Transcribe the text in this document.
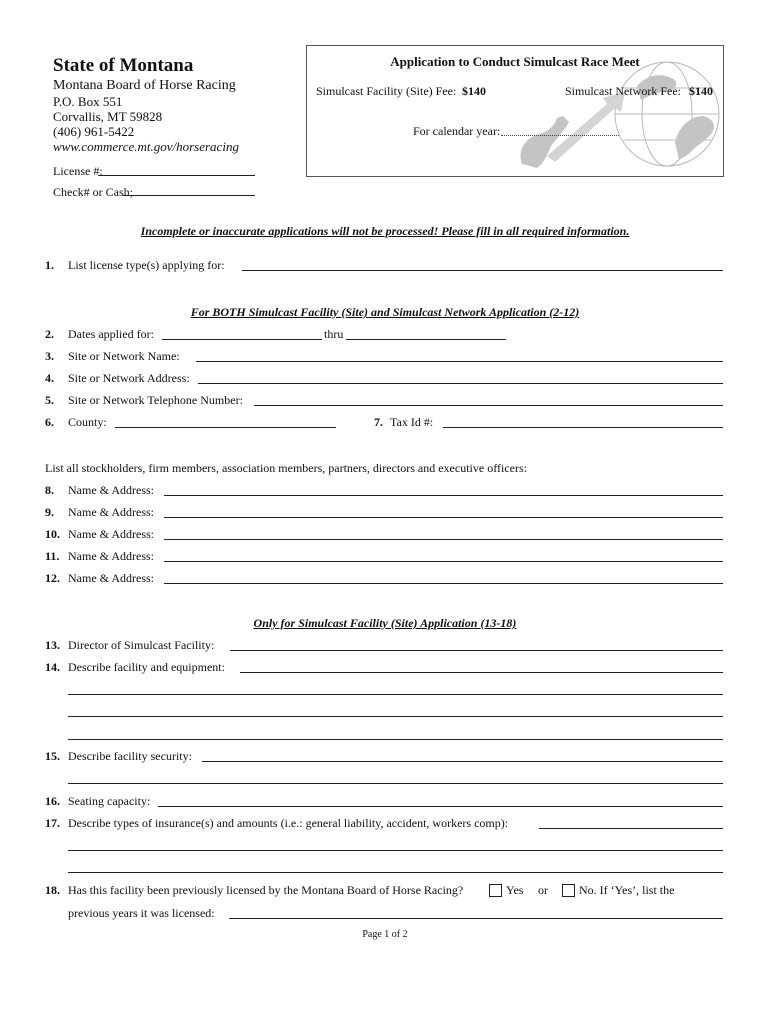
State of Montana
Montana Board of Horse Racing
P.O. Box 551
Corvallis, MT 59828
(406) 961-5422
www.commerce.mt.gov/horseracing
License #:
Check# or Cash;
Application to Conduct Simulcast Race Meet
Simulcast Facility (Site) Fee: $140	Simulcast Network Fee: $140
For calendar year:
Incomplete or inaccurate applications will not be processed! Please fill in all required information.
1. List license type(s) applying for:
For BOTH Simulcast Facility (Site) and Simulcast Network Application (2-12)
2. Dates applied for:	thru
3. Site or Network Name:
4. Site or Network Address:
5. Site or Network Telephone Number:
6. County:	7. Tax Id #:
List all stockholders, firm members, association members, partners, directors and executive officers:
8. Name & Address:
9. Name & Address:
10. Name & Address:
11. Name & Address:
12. Name & Address:
Only for Simulcast Facility (Site) Application (13-18)
13. Director of Simulcast Facility:
14. Describe facility and equipment:
15. Describe facility security:
16. Seating capacity:
17. Describe types of insurance(s) and amounts (i.e.: general liability, accident, workers comp):
18. Has this facility been previously licensed by the Montana Board of Horse Racing?	Yes or	No. If ‘Yes’, list the
previous years it was licensed:
Page 1 of 2
